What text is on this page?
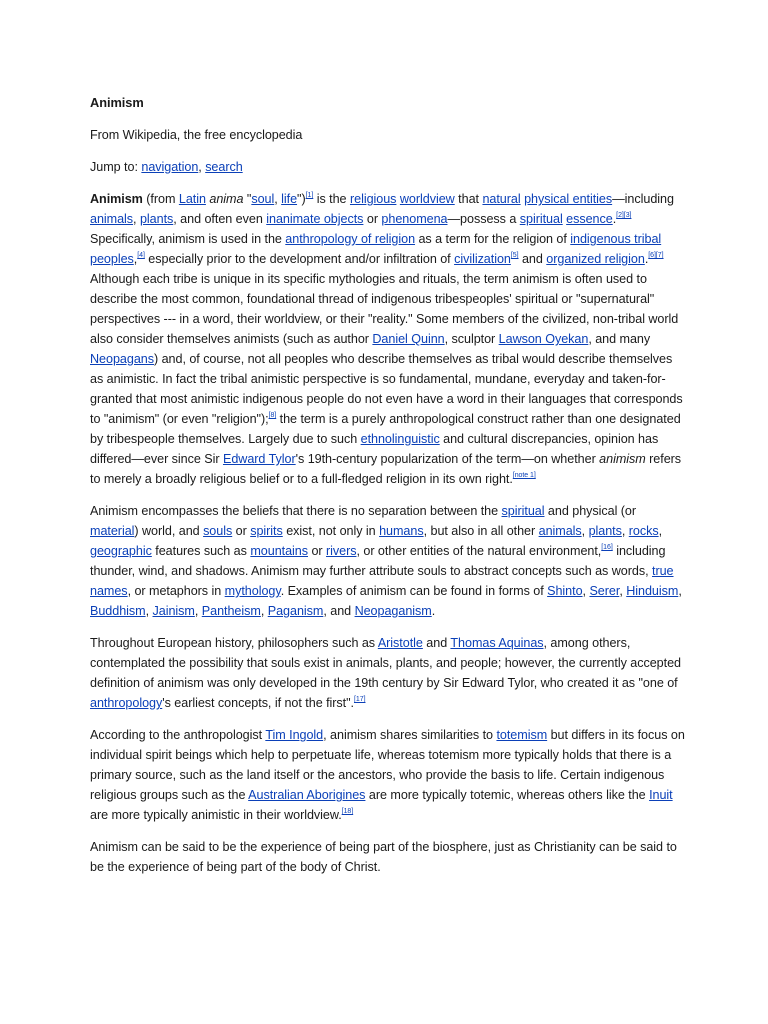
Animism
From Wikipedia, the free encyclopedia
Jump to: navigation, search

Animism (from Latin anima "soul, life")[1] is the religious worldview that natural physical entities—including animals, plants, and often even inanimate objects or phenomena—possess a spiritual essence.[2][3] Specifically, animism is used in the anthropology of religion as a term for the religion of indigenous tribal peoples,[4] especially prior to the development and/or infiltration of civilization[5] and organized religion.[6][7] Although each tribe is unique in its specific mythologies and rituals, the term animism is often used to describe the most common, foundational thread of indigenous tribespeoples' spiritual or "supernatural" perspectives --- in a word, their worldview, or their "reality." Some members of the civilized, non-tribal world also consider themselves animists (such as author Daniel Quinn, sculptor Lawson Oyekan, and many Neopagans) and, of course, not all peoples who describe themselves as tribal would describe themselves as animistic. In fact the tribal animistic perspective is so fundamental, mundane, everyday and taken-for-granted that most animistic indigenous people do not even have a word in their languages that corresponds to "animism" (or even "religion");[8] the term is a purely anthropological construct rather than one designated by tribespeople themselves. Largely due to such ethnolinguistic and cultural discrepancies, opinion has differed—ever since Sir Edward Tylor's 19th-century popularization of the term—on whether animism refers to merely a broadly religious belief or to a full-fledged religion in its own right.[note 1]

Animism encompasses the beliefs that there is no separation between the spiritual and physical (or material) world, and souls or spirits exist, not only in humans, but also in all other animals, plants, rocks, geographic features such as mountains or rivers, or other entities of the natural environment,[16] including thunder, wind, and shadows. Animism may further attribute souls to abstract concepts such as words, true names, or metaphors in mythology. Examples of animism can be found in forms of Shinto, Serer, Hinduism, Buddhism, Jainism, Pantheism, Paganism, and Neopaganism.

Throughout European history, philosophers such as Aristotle and Thomas Aquinas, among others, contemplated the possibility that souls exist in animals, plants, and people; however, the currently accepted definition of animism was only developed in the 19th century by Sir Edward Tylor, who created it as "one of anthropology's earliest concepts, if not the first".[17]

According to the anthropologist Tim Ingold, animism shares similarities to totemism but differs in its focus on individual spirit beings which help to perpetuate life, whereas totemism more typically holds that there is a primary source, such as the land itself or the ancestors, who provide the basis to life. Certain indigenous religious groups such as the Australian Aborigines are more typically totemic, whereas others like the Inuit are more typically animistic in their worldview.[18]

Animism can be said to be the experience of being part of the biosphere, just as Christianity can be said to be the experience of being part of the body of Christ.
